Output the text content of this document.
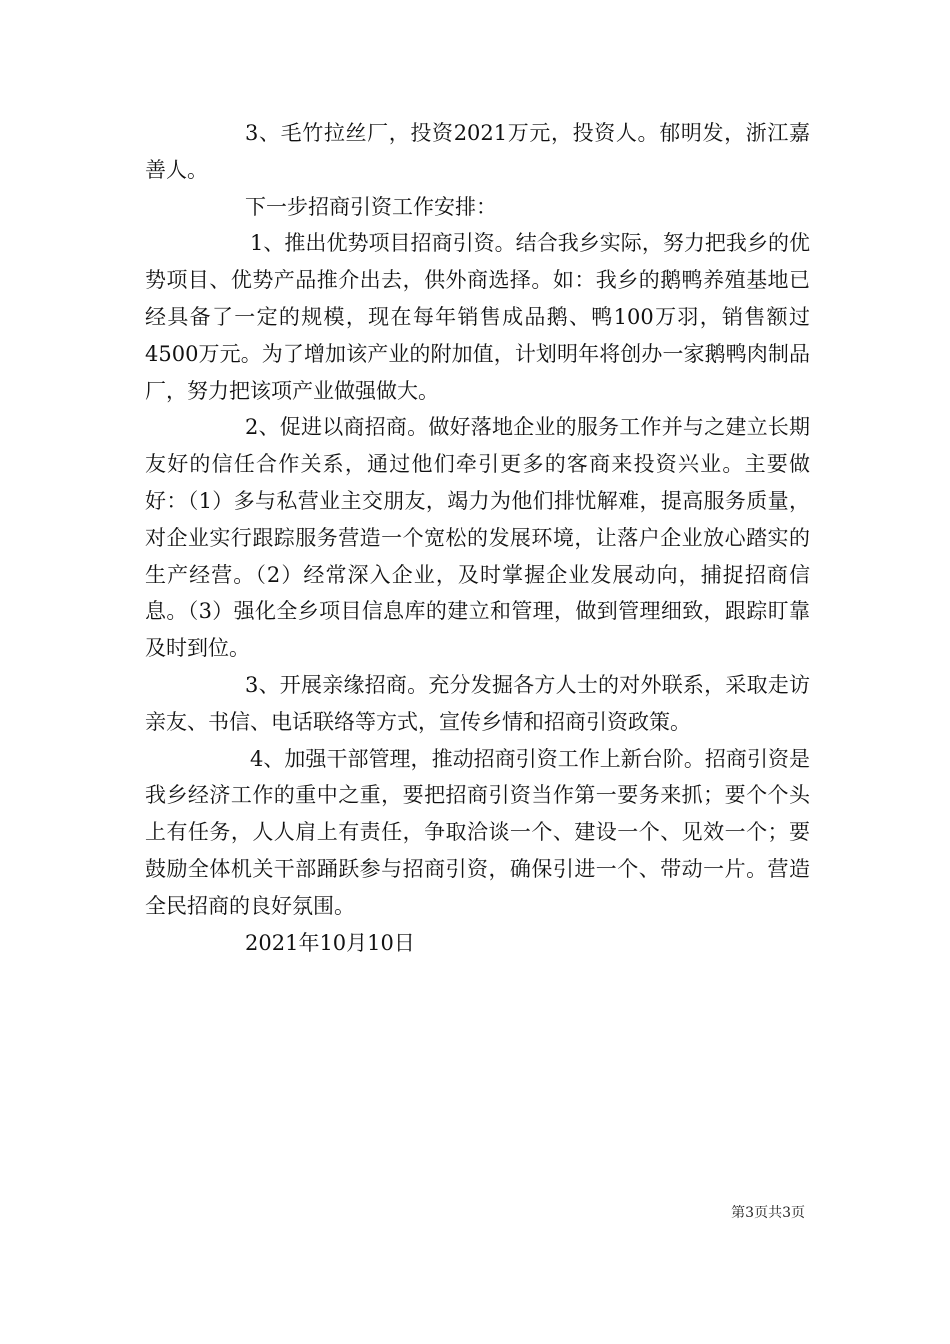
3、毛竹拉丝厂，投资2021万元，投资人。郁明发，浙江嘉善人。

下一步招商引资工作安排：

1、推出优势项目招商引资。结合我乡实际，努力把我乡的优势项目、优势产品推介出去，供外商选择。如：我乡的鹅鸭养殖基地已经具备了一定的规模，现在每年销售成品鹅、鸭100万羽，销售额过4500万元。为了增加该产业的附加值，计划明年将创办一家鹅鸭肉制品厂，努力把该项产业做强做大。

2、促进以商招商。做好落地企业的服务工作并与之建立长期友好的信任合作关系，通过他们牵引更多的客商来投资兴业。主要做好：（1）多与私营业主交朋友，竭力为他们排忧解难，提高服务质量，对企业实行跟踪服务营造一个宽松的发展环境，让落户企业放心踏实的生产经营。（2）经常深入企业，及时掌握企业发展动向，捕捉招商信息。（3）强化全乡项目信息库的建立和管理，做到管理细致，跟踪盯靠及时到位。

3、开展亲缘招商。充分发掘各方人士的对外联系，采取走访亲友、书信、电话联络等方式，宣传乡情和招商引资政策。

4、加强干部管理，推动招商引资工作上新台阶。招商引资是我乡经济工作的重中之重，要把招商引资当作第一要务来抓；要个个头上有任务，人人肩上有责任，争取洽谈一个、建设一个、见效一个；要鼓励全体机关干部踊跃参与招商引资，确保引进一个、带动一片。营造全民招商的良好氛围。

2021年10月10日

第3页共3页
